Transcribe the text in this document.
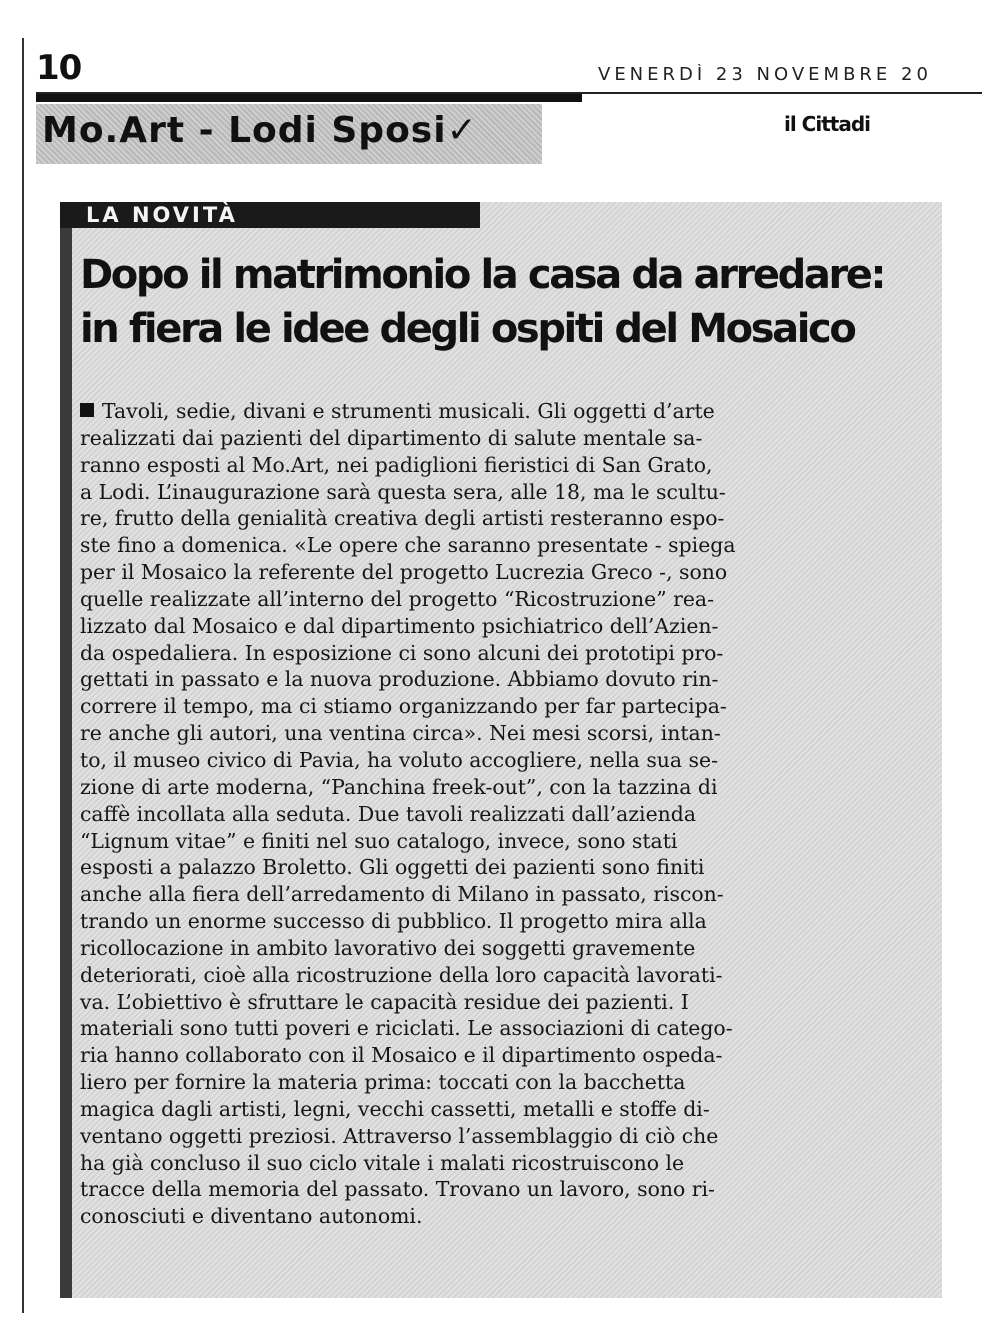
10	VENERDÌ 23 NOVEMBRE 20
Mo.Art - Lodi Sposi✓	il Cittadi
LA NOVITÀ
Dopo il matrimonio la casa da arredare:
in fiera le idee degli ospiti del Mosaico
Tavoli, sedie, divani e strumenti musicali. Gli oggetti d’arte
realizzati dai pazienti del dipartimento di salute mentale sa-
ranno esposti al Mo.Art, nei padiglioni fieristici di San Grato,
a Lodi. L’inaugurazione sarà questa sera, alle 18, ma le scultu-
re, frutto della genialità creativa degli artisti resteranno espo-
ste fino a domenica. «Le opere che saranno presentate - spiega
per il Mosaico la referente del progetto Lucrezia Greco -, sono
quelle realizzate all’interno del progetto “Ricostruzione” rea-
lizzato dal Mosaico e dal dipartimento psichiatrico dell’Azien-
da ospedaliera. In esposizione ci sono alcuni dei prototipi pro-
gettati in passato e la nuova produzione. Abbiamo dovuto rin-
correre il tempo, ma ci stiamo organizzando per far partecipa-
re anche gli autori, una ventina circa». Nei mesi scorsi, intan-
to, il museo civico di Pavia, ha voluto accogliere, nella sua se-
zione di arte moderna, “Panchina freek-out”, con la tazzina di
caffè incollata alla seduta. Due tavoli realizzati dall’azienda
“Lignum vitae” e finiti nel suo catalogo, invece, sono stati
esposti a palazzo Broletto. Gli oggetti dei pazienti sono finiti
anche alla fiera dell’arredamento di Milano in passato, riscon-
trando un enorme successo di pubblico. Il progetto mira alla
ricollocazione in ambito lavorativo dei soggetti gravemente
deteriorati, cioè alla ricostruzione della loro capacità lavorati-
va. L’obiettivo è sfruttare le capacità residue dei pazienti. I
materiali sono tutti poveri e riciclati. Le associazioni di catego-
ria hanno collaborato con il Mosaico e il dipartimento ospeda-
liero per fornire la materia prima: toccati con la bacchetta
magica dagli artisti, legni, vecchi cassetti, metalli e stoffe di-
ventano oggetti preziosi. Attraverso l’assemblaggio di ciò che
ha già concluso il suo ciclo vitale i malati ricostruiscono le
tracce della memoria del passato. Trovano un lavoro, sono ri-
conosciuti e diventano autonomi.
